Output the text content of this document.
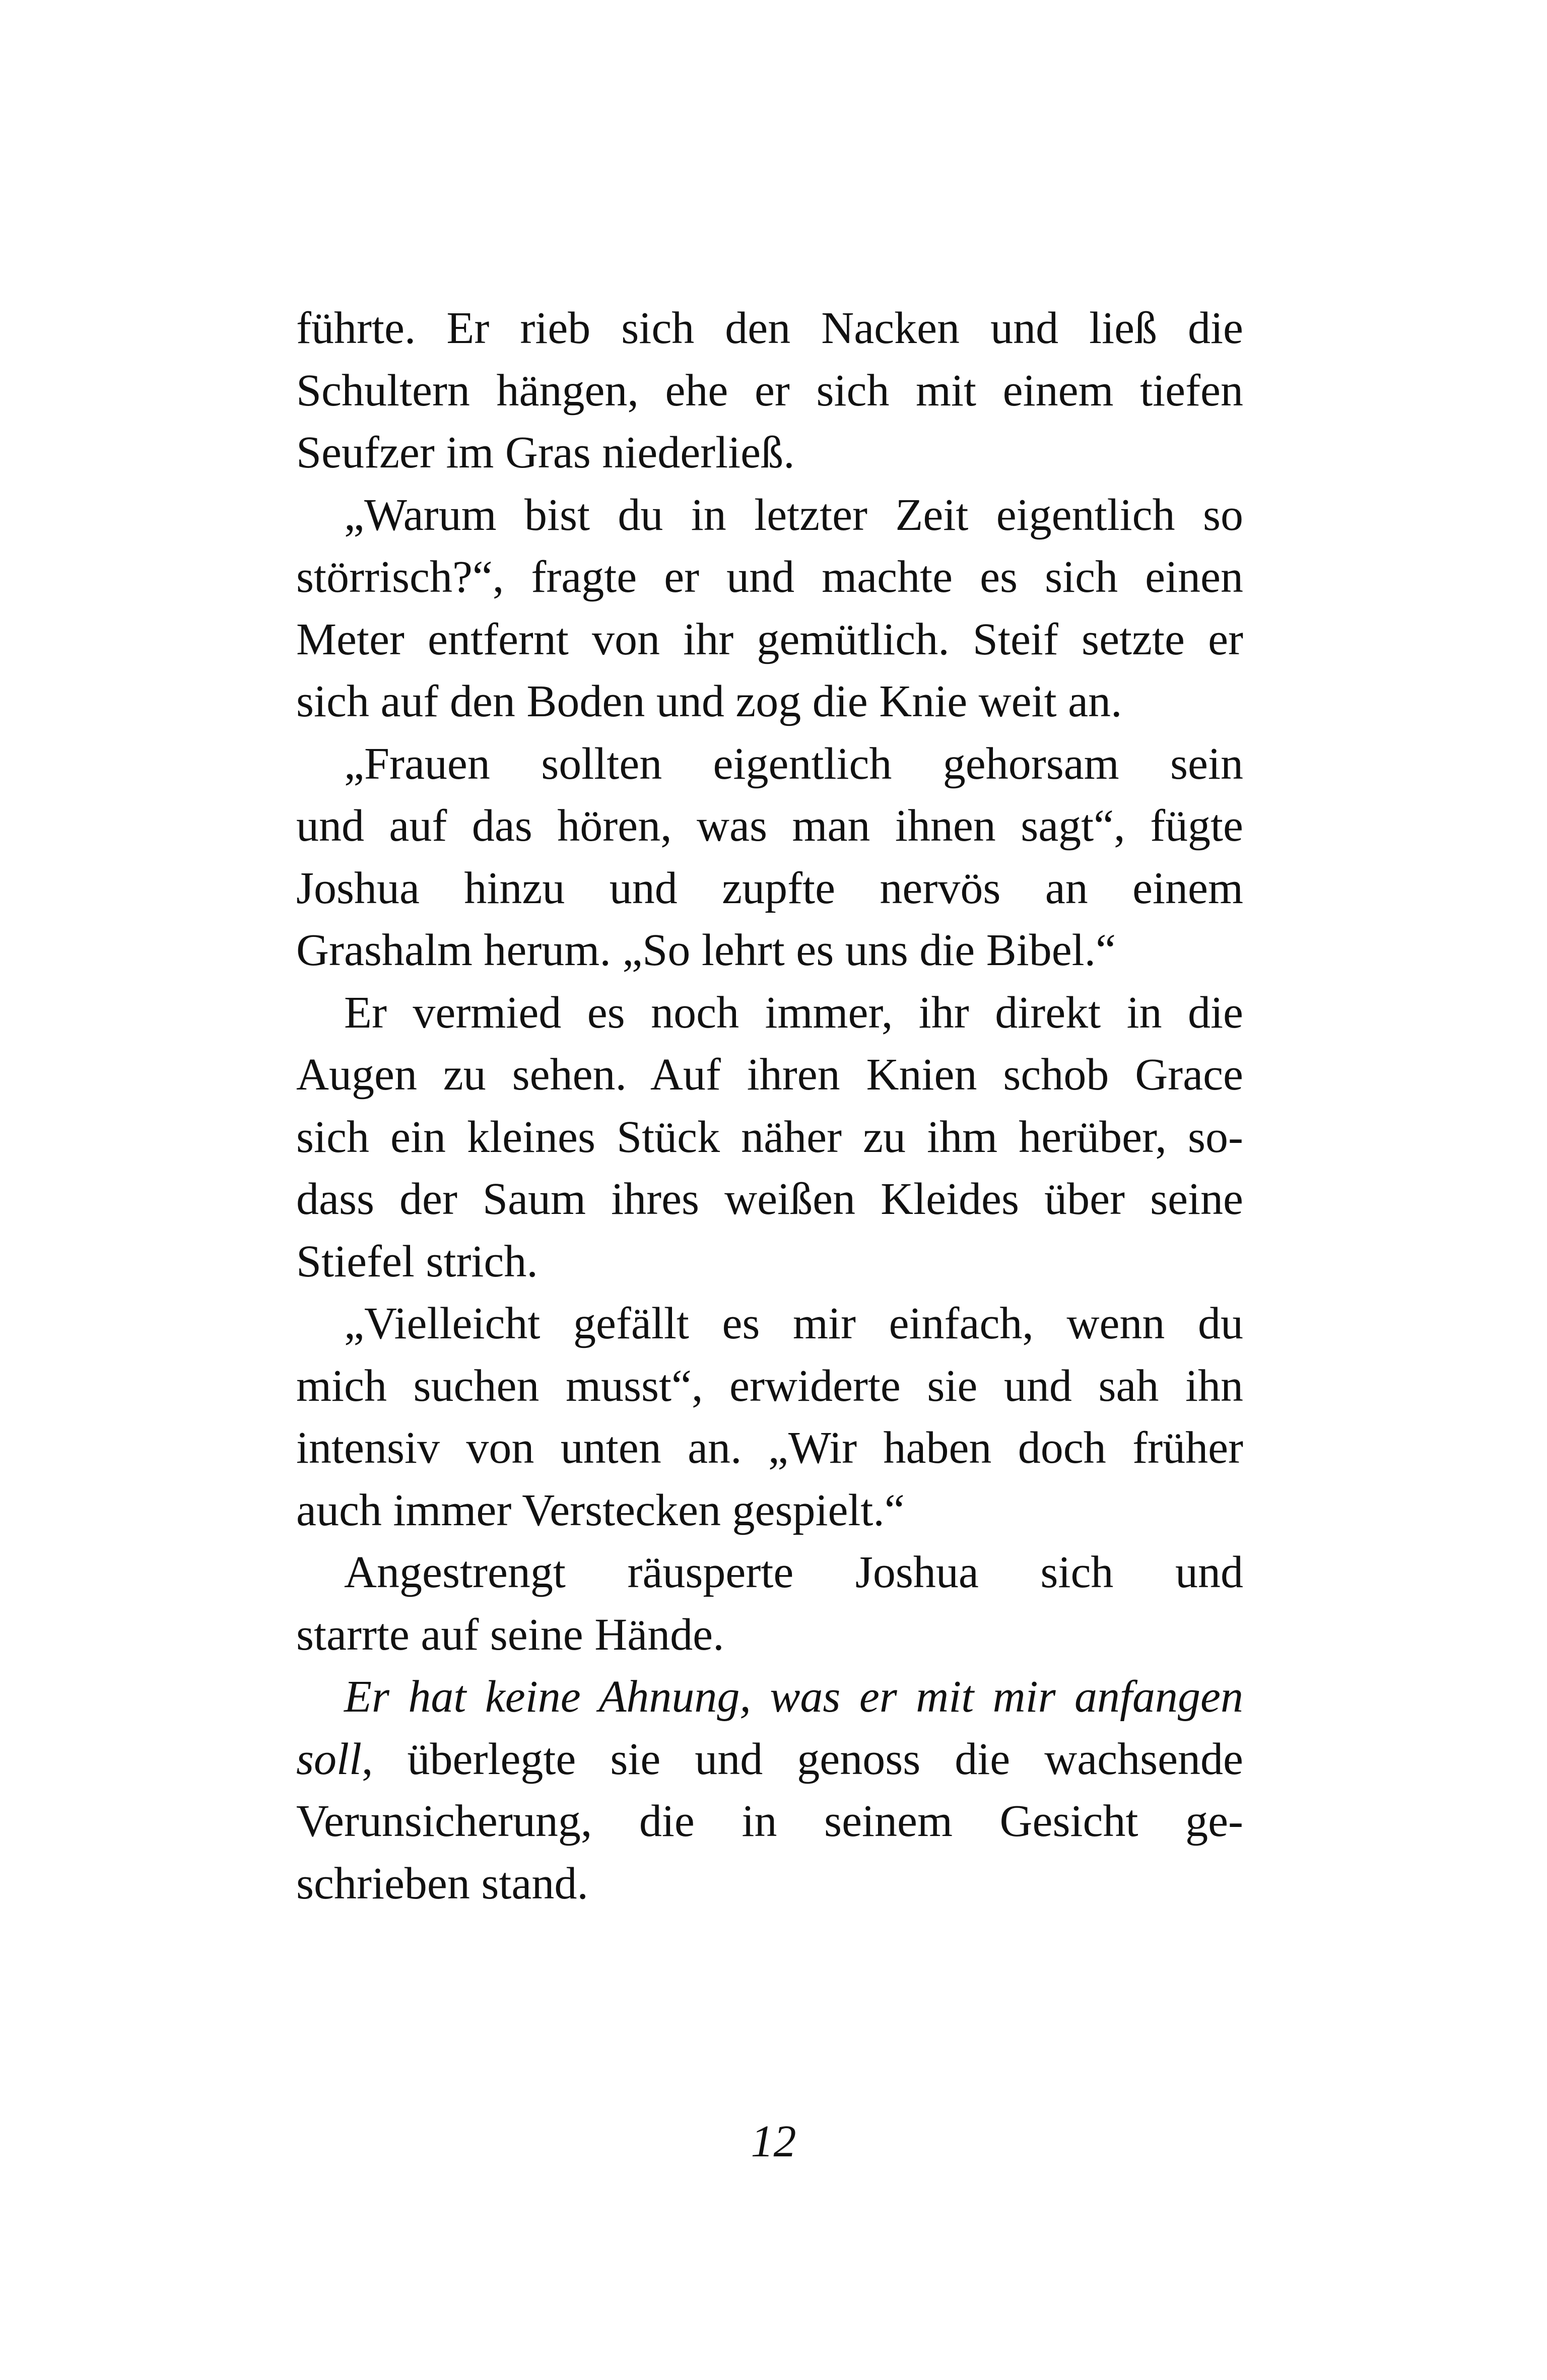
führte. Er rieb sich den Nacken und ließ die
Schultern hängen, ehe er sich mit einem tiefen
Seufzer im Gras niederließ.
„Warum bist du in letzter Zeit eigentlich so
störrisch?“, fragte er und machte es sich einen
Meter entfernt von ihr gemütlich. Steif setzte er
sich auf den Boden und zog die Knie weit an.
„Frauen sollten eigentlich gehorsam sein
und auf das hören, was man ihnen sagt“, fügte
Joshua hinzu und zupfte nervös an einem
Grashalm herum. „So lehrt es uns die Bibel.“
Er vermied es noch immer, ihr direkt in die
Augen zu sehen. Auf ihren Knien schob Grace
sich ein kleines Stück näher zu ihm herüber, so-
dass der Saum ihres weißen Kleides über seine
Stiefel strich.
„Vielleicht gefällt es mir einfach, wenn du
mich suchen musst“, erwiderte sie und sah ihn
intensiv von unten an. „Wir haben doch früher
auch immer Verstecken gespielt.“
Angestrengt räusperte Joshua sich und
starrte auf seine Hände.
Er hat keine Ahnung, was er mit mir anfangen
soll, überlegte sie und genoss die wachsende
Verunsicherung, die in seinem Gesicht ge-
schrieben stand.
12
